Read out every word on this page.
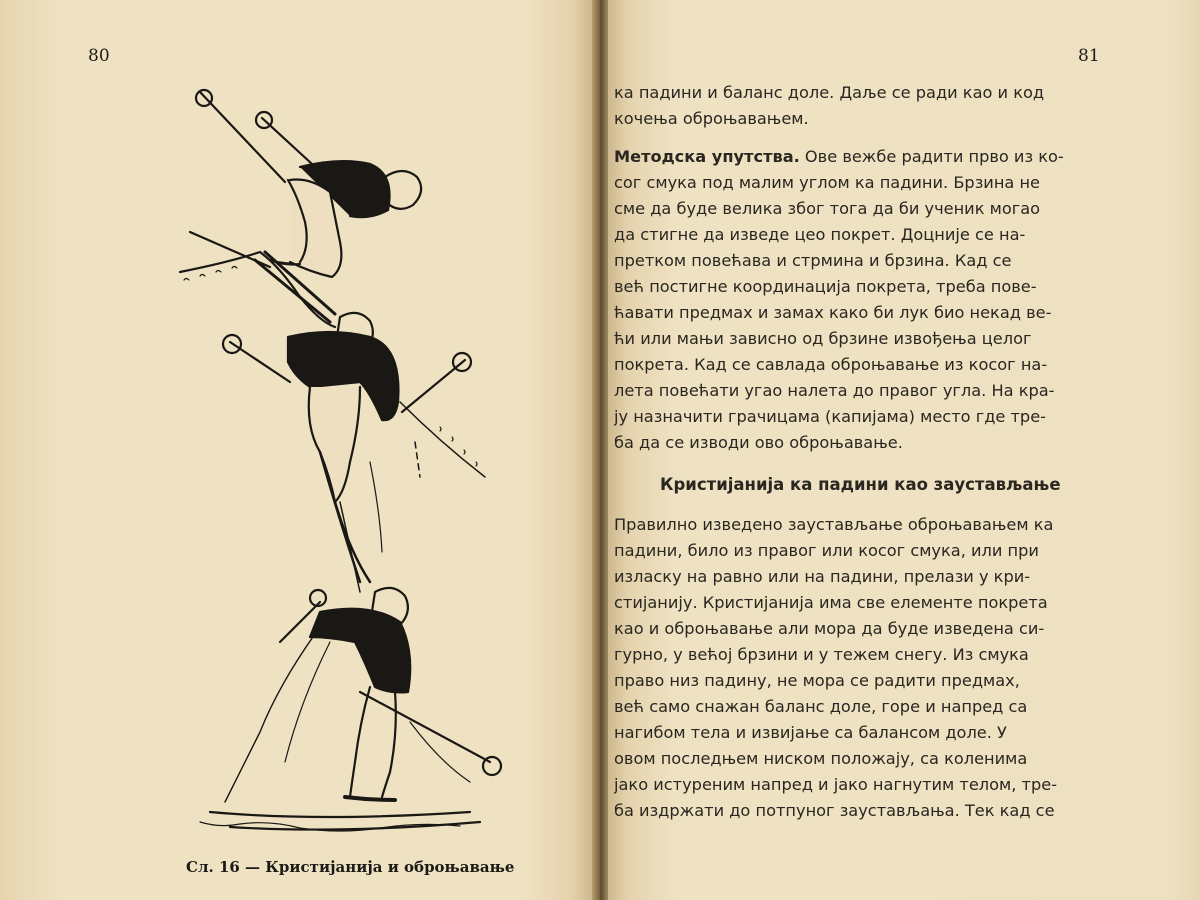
80	81
Сл. 16 — Кристијанија и оброњавање
ка падини и баланс доле. Даље се ради као и код
кочења оброњавањем.
Методска упутства. Ове вежбе радити прво из ко-
сог смука под малим углом ка падини. Брзина не
сме да буде велика због тога да би ученик могао
да стигне да изведе цео покрет. Доцније се на-
претком повећава и стрмина и брзина. Кад се
већ постигне координација покрета, треба пове-
ћавати предмах и замах како би лук био некад ве-
ћи или мањи зависно од брзине извођења целог
покрета. Кад се савлада оброњавање из косог на-
лета повећати угао налета до правог угла. На кра-
ју назначити грачицама (капијама) место где тре-
ба да се изводи ово оброњавање.
Кристијанија ка падини као заустављање
Правилно изведено заустављање оброњавањем ка
падини, било из правог или косог смука, или при
изласку на равно или на падини, прелази у кри-
стијанију. Кристијанија има све елементе покрета
као и оброњавање али мора да буде изведена си-
гурно, у већој брзини и у тежем снегу. Из смука
право низ падину, не мора се радити предмах,
већ само снажан баланс доле, горе и напред са
нагибом тела и извијање са балансом доле. У
овом последњем ниском положају, са коленима
јако истуреним напред и јако нагнутим телом, тре-
ба издржати до потпуног заустављања. Тек кад се
